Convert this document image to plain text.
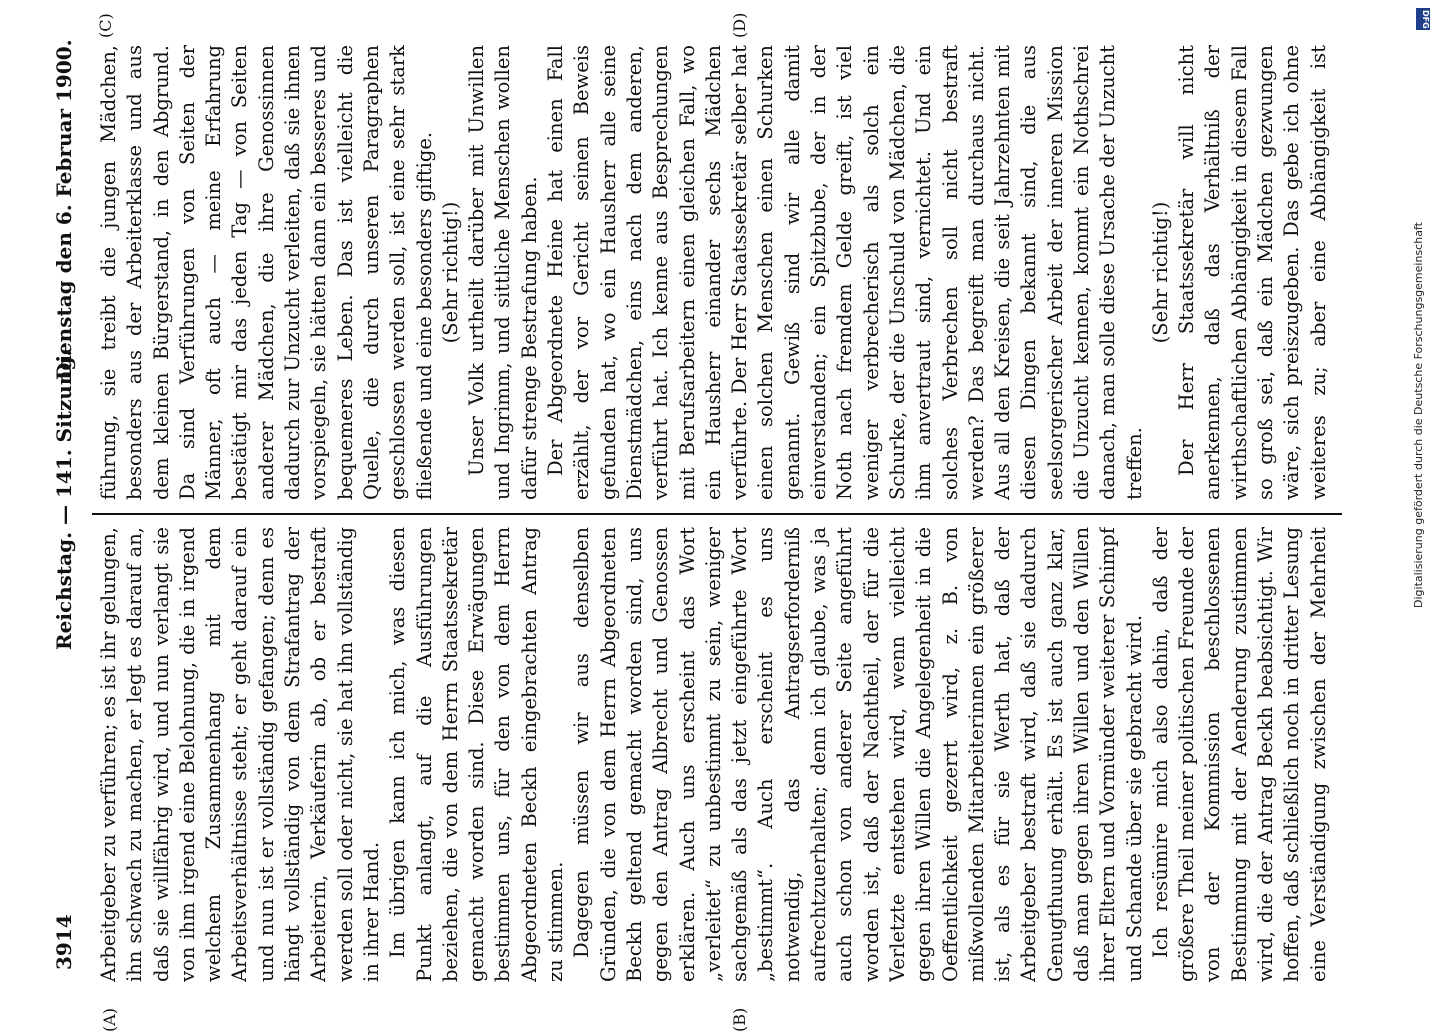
3914
Reichstag. — 141. Sitzung.
Dienstag den 6. Februar 1900.
(A)	(B)
(C)	(D)

Arbeitgeber zu verführen; es ist ihr gelungen, ihn schwach zu machen, er legt es darauf an, daß sie willfährig wird, und nun verlangt sie von ihm irgend eine Belohnung, die in irgend welchem Zusammenhang mit dem Arbeitsverhältnisse steht; er geht darauf ein und nun ist er vollständig gefangen; denn es hängt vollständig von dem Strafantrag der Arbeiterin, Verkäuferin ab, ob er bestraft werden soll oder nicht, sie hat ihn vollständig in ihrer Hand. Im übrigen kann ich mich, was diesen Punkt anlangt, auf die Ausführungen beziehen, die von dem Herrn Staatssekretär gemacht worden sind. Diese Erwägungen bestimmen uns, für den von dem Herrn Abgeordneten Beckh eingebrachten Antrag zu stimmen. Dagegen müssen wir aus denselben Gründen, die von dem Herrn Abgeordneten Beckh geltend gemacht worden sind, uns gegen den Antrag Albrecht und Genossen erklären. Auch uns erscheint das Wort „verleitet“ zu unbestimmt zu sein, weniger sachgemäß als das jetzt eingeführte Wort „bestimmt“. Auch erscheint es uns notwendig, das Antragserforderniß aufrechtzuerhalten; denn ich glaube, was ja auch schon von anderer Seite angeführt worden ist, daß der Nachtheil, der für die Verletzte entstehen wird, wenn vielleicht gegen ihren Willen die Angelegenheit in die Oeffentlichkeit gezerrt wird, z. B. von mißwollenden Mitarbeiterinnen ein größerer ist, als es für sie Werth hat, daß der Arbeitgeber bestraft wird, daß sie dadurch Genugthuung erhält. Es ist auch ganz klar, daß man gegen ihren Willen und den Willen ihrer Eltern und Vormünder weiterer Schimpf und Schande über sie gebracht wird. Ich resümire mich also dahin, daß der größere Theil meiner politischen Freunde der von der Kommission beschlossenen Bestimmung mit der Aenderung zustimmen wird, die der Antrag Beckh beabsichtigt. Wir hoffen, daß schließlich noch in dritter Lesung eine Verständigung zwischen der Mehrheit

führung, sie treibt die jungen Mädchen, besonders aus der Arbeiterklasse und aus dem kleinen Bürgerstand, in den Abgrund. Da sind Verführungen von Seiten der Männer, oft auch — meine Erfahrung bestätigt mir das jeden Tag — von Seiten anderer Mädchen, die ihre Genossinnen dadurch zur Unzucht verleiten, daß sie ihnen vorspiegeln, sie hätten dann ein besseres und bequemeres Leben. Das ist vielleicht die Quelle, die durch unseren Paragraphen geschlossen werden soll, ist eine sehr stark fließende und eine besonders giftige. (Sehr richtig!) Unser Volk urtheilt darüber mit Unwillen und Ingrimm, und sittliche Menschen wollen dafür strenge Bestrafung haben. Der Abgeordnete Heine hat einen Fall erzählt, der vor Gericht seinen Beweis gefunden hat, wo ein Hausherr alle seine Dienstmädchen, eins nach dem anderen, verführt hat. Ich kenne aus Besprechungen mit Berufsarbeitern einen gleichen Fall, wo ein Hausherr einander sechs Mädchen verführte. Der Herr Staatssekretär selber hat einen solchen Menschen einen Schurken genannt. Gewiß sind wir alle damit einverstanden; ein Spitzbube, der in der Noth nach fremdem Gelde greift, ist viel weniger verbrecherisch als solch ein Schurke, der die Unschuld von Mädchen, die ihm anvertraut sind, vernichtet. Und ein solches Verbrechen soll nicht bestraft werden? Das begreift man durchaus nicht. Aus all den Kreisen, die seit Jahrzehnten mit diesen Dingen bekannt sind, die aus seelsorgerischer Arbeit der inneren Mission die Unzucht kennen, kommt ein Nothschrei danach, man solle diese Ursache der Unzucht treffen.

(Sehr richtig!)

Der Herr Staatssekretär will nicht anerkennen, daß das Verhältniß der wirthschaftlichen Abhängigkeit in diesem Fall so groß sei, daß ein Mädchen gezwungen wäre, sich preiszugeben. Das gebe ich ohne weiteres zu; aber eine Abhängigkeit ist

Digitalisierung gefördert durch die Deutsche Forschungsgemeinschaft
DFG
